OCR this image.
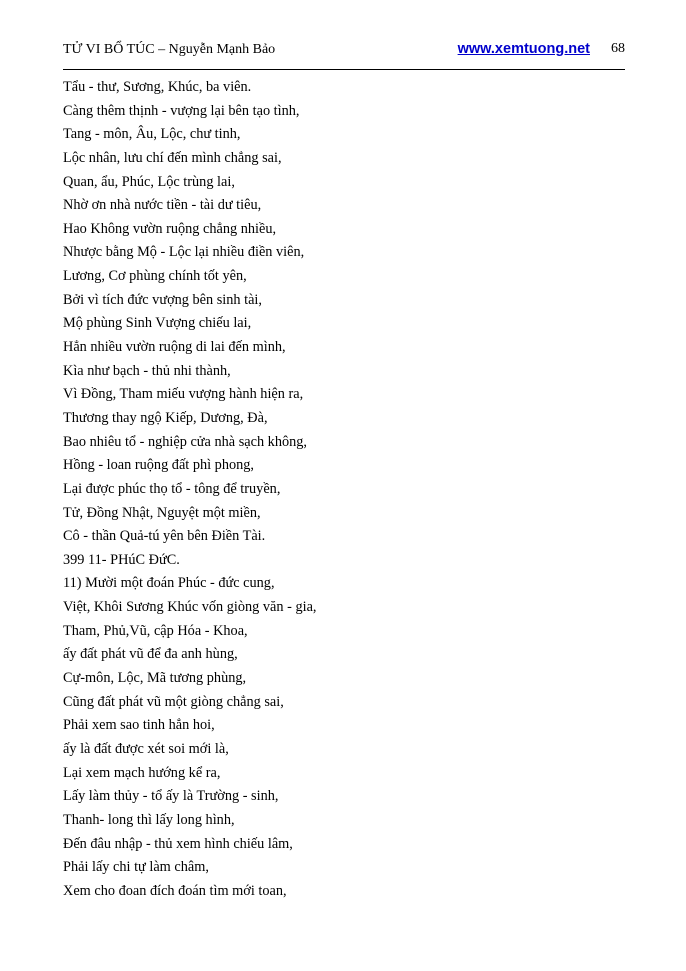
TỬ VI BỔ TÚC – Nguyễn Mạnh Bảo	www.xemtuong.net 68
Tẩu - thư, Sương, Khúc, ba viên.
Càng thêm thịnh - vượng lại bên tạo tình,
Tang - môn, Âu, Lộc, chư tinh,
Lộc nhân, lưu chí đến mình chẳng sai,
Quan, ẩu, Phúc, Lộc trùng lai,
Nhờ ơn nhà nước tiền - tài dư tiêu,
Hao Không vườn ruộng chẳng nhiều,
Nhược bằng Mộ - Lộc lại nhiều điền viên,
Lương, Cơ phùng chính tốt yên,
Bởi vì tích đức vượng bên sinh tài,
Mộ phùng Sinh Vượng chiếu lai,
Hẳn nhiều vườn ruộng di lai đến mình,
Kìa như bạch - thủ nhi thành,
Vì Đồng, Tham miếu vượng hành hiện ra,
Thương thay ngộ Kiếp, Dương, Đà,
Bao nhiêu tổ - nghiệp cửa nhà sạch không,
Hồng - loan ruộng đất phì phong,
Lại được phúc thọ tổ - tông để truyền,
Tử, Đồng Nhật, Nguyệt một miền,
Cô - thần Quả-tú yên bên Điền Tài.
399 11- PHúC ĐứC.
11) Mười một đoán Phúc - đức cung,
Việt, Khôi Sương Khúc vốn giòng văn - gia,
Tham, Phủ,Vũ, cập Hóa - Khoa,
ấy đất phát vũ để đa anh hùng,
Cự-môn, Lộc, Mã tương phùng,
Cũng đất phát vũ một giòng chẳng sai,
Phải xem sao tinh hẳn hoi,
ấy là đất được xét soi mới là,
Lại xem mạch hướng kể ra,
Lấy làm thủy - tổ ấy là Trường - sinh,
Thanh- long thì lấy long hình,
Đến đâu nhập - thủ xem hình chiếu lâm,
Phải lấy chi tự làm châm,
Xem cho đoan đích đoán tìm mới toan,
